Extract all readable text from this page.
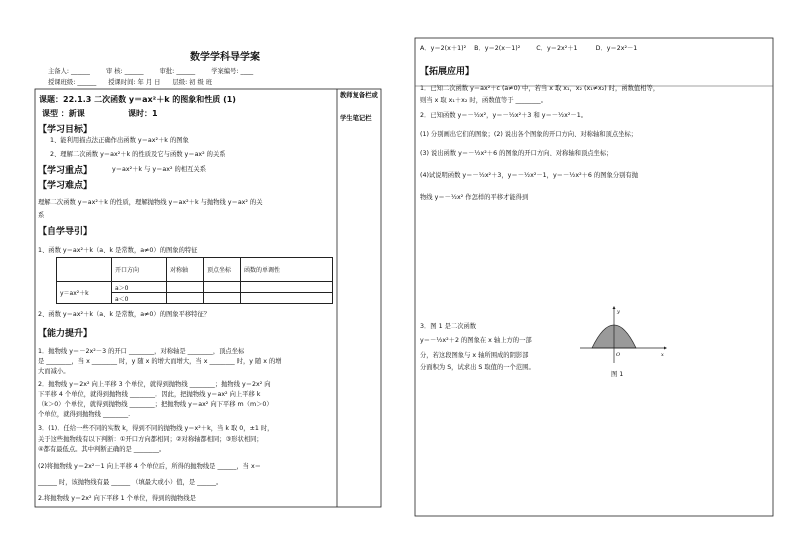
数学学科导学案
主备人: ______	审 核: ______	审批: ______	学案编号: ____
授课班级: ______ 授课时间: 年 月 日 层级: 初 级 班
教师复备栏或
学生笔记栏
课题：22.1.3 二次函数 y＝ax²＋k 的图象和性质 (1)
课型 ：新课	课时：1
【学习目标】
1、能利用描点法正确作出函数 y＝ax²＋k 的图象
2、理解二次函数 y＝ax²＋k 的性质及它与函数 y＝ax² 的关系
【学习重点】	y＝ax²＋k 与 y＝ax² 的相互关系
【学习难点】
理解二次函数 y＝ax²＋k 的性质，理解抛物线 y＝ax²＋k 与抛物线 y＝ax² 的关
系
【自学导引】
1、函数 y＝ax²＋k（a、k 是常数，a≠0）的图象的特征
	开口方向	对称轴	顶点坐标	函数的单调性
y＝ax²＋k	a＞0			
	a＜0			
2、函数 y＝ax²＋k（a、k 是常数，a≠0）的图象平移特征？
【能力提升】
1．抛物线 y＝－2x²－3 的开口 ________，对称轴是 ________，顶点坐标
是 ________，当 x ________ 时，y 随 x 的增大而增大，当 x ________ 时，y 随 x 的增
大而减小。
2．抛物线 y＝2x² 向上平移 3 个单位，就得到抛物线 ________；抛物线 y＝2x² 向
下平移 4 个单位，就得到抛物线 ________．因此，把抛物线 y＝ax² 向上平移 k
（k＞0）个单位，就得到抛物线 ________；把抛物线 y＝ax² 向下平移 m（m＞0）
个单位，就得到抛物线 ________.
3．(1)．任给一些不同的实数 k，得到不同的抛物线 y＝x²＋k，当 k 取 0，±1 时，
关于这些抛物线有以下判断：①开口方向都相同；②对称轴都相同；③形状相同；
④都有最低点。其中判断正确的是 ________。
(2)将抛物线 y＝2x²－1 向上平移 4 个单位后，所得的抛物线是 ______，当 x＝
______ 时，该抛物线有最 ______ （填最大或小）值，是 ______。
2.将抛物线 y＝2x² 向下平移 1 个单位，得到的抛物线是
A．y＝2(x＋1)² B．y＝2(x－1)²	C．y＝2x²＋1	D．y＝2x²－1
【拓展应用】
1．已知二次函数 y＝ax²＋c (a≠0) 中，若当 x 取 x₁，x₂ (x₁≠x₂) 时，函数值相等，
则当 x 取 x₁＋x₂ 时，函数值等于 ________。
2．已知函数 y＝－½x²，y＝－½x²＋3 和 y＝－½x²－1。
(1) 分别画出它们的图象；(2) 说出各个图象的开口方向、对称轴和顶点坐标；
(3) 说出函数 y＝－½x²＋6 的图象的开口方向、对称轴和顶点坐标；
(4)试说明函数 y＝－½x²＋3，y＝－½x²－1，y＝－½x²＋6 的图象分别有抛
物线 y＝－½x² 作怎样的平移才能得到
3．图 1 是二次函数
y＝－½x²＋2 的图象在 x 轴上方的一部
分，若这段图象与 x 轴所围成的阴影部
分面积为 S，试求出 S 取值的一个范围。
y
x
O
图 1
